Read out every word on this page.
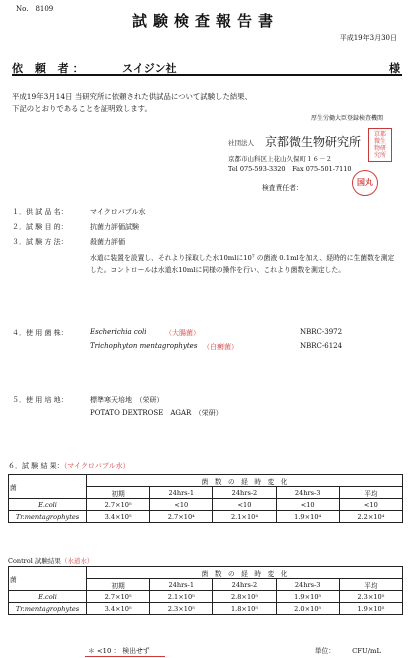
No.　8109
試験検査報告書
平成19年3月30日
依 頼 者：	スイジン社	様
平成19年3月14日 当研究所に依頼された供試品について試験した結果、
下記のとおりであることを証明致します。
厚生労働大臣登録検査機関
社団法人 京都微生物研究所
京都市山科区上花山久保町１６－２
Tel 075-593-3320　Fax 075-501-7110
検査責任者：
京都
微生
物研
究所
国丸
１．供 試 品 名：	マイクロバブル水
２．試 験 目 的：	抗菌力評価試験
３．試 験 方 法：	殺菌力評価
水道に装置を設置し、それより採取した水10mlに10⁷ の菌液 0.1mlを加え、経時的に生菌数を測定した。コントロールは水道水10mlに同様の操作を行い、これより菌数を測定した。
４．使 用 菌 株：	Escherichia coli	（大腸菌）	NBRC-3972
Trichophyton mentagrophytes （白癬菌）	NBRC-6124
５．使 用 培 地：	標準寒天培地　（栄研）
POTATO DEXTROSE　AGAR　（栄研）
６．試 験 結 果：（マイクロバブル水）
菌	菌　数　の　経　時　変　化				
	初期	24hrs-1	24hrs-2	24hrs-3	平均
E.coli	2.7×10⁵	<10	<10	<10	<10
Tr.mentagrophytes	3.4×10⁵	2.7×10⁴	2.1×10⁴	1.9×10⁴	2.2×10⁴
Control 試験結果（水道水）
菌	菌　数　の　経　時　変　化				
	初期	24hrs-1	24hrs-2	24hrs-3	平均
E.coli	2.7×10⁵	2.1×10⁵	2.8×10⁵	1.9×10⁵	2.3×10⁵
Tr.mentagrophytes	3.4×10⁵	2.3×10⁵	1.8×10⁵	2.0×10⁵	1.9×10⁵
＊ <10 ： 検出せず	単位：　　　CFU/mL
